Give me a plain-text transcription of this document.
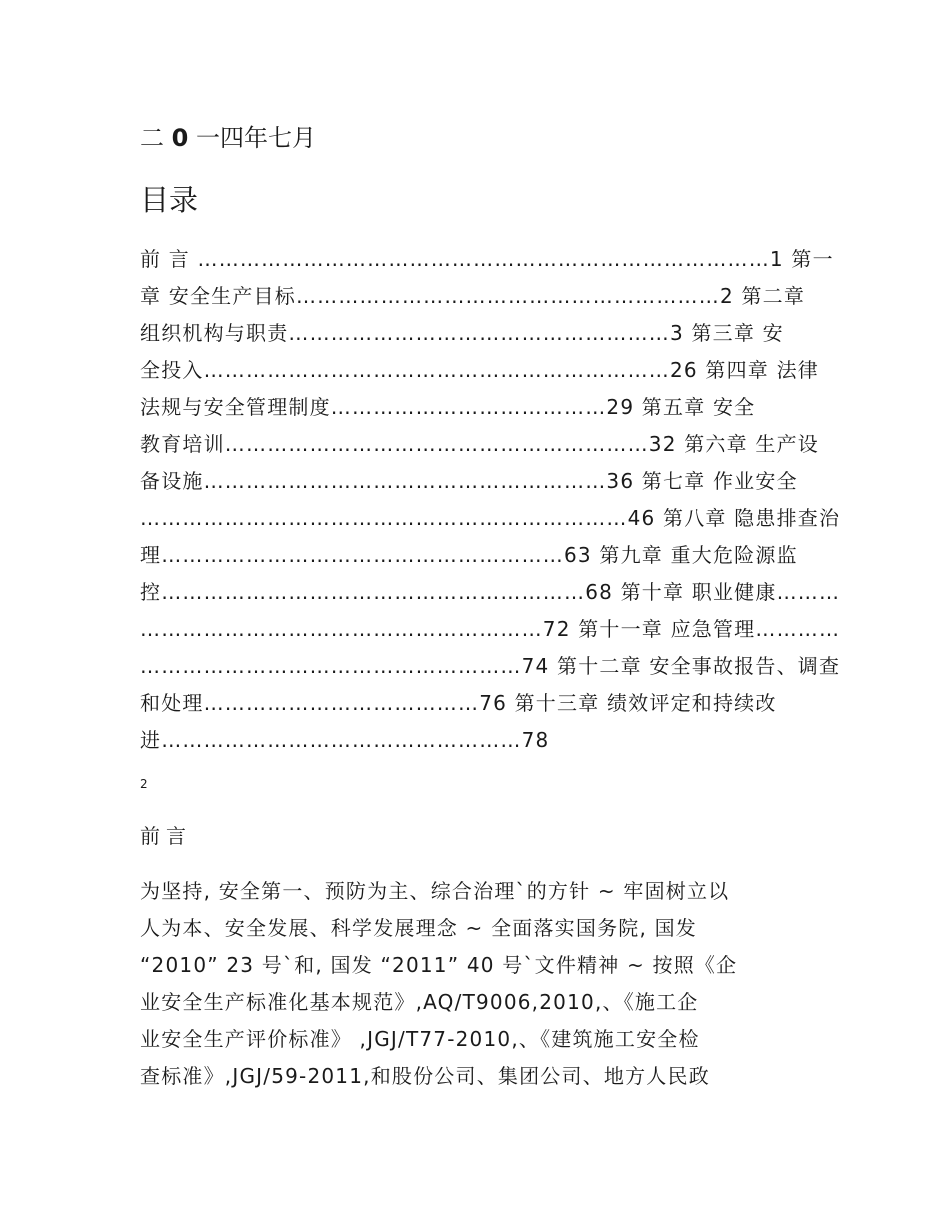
二 0 一四年七月
目录
前 言 ………………………………………………………………………1 第一
章 安全生产目标……………………………………………………2 第二章
组织机构与职责………………………………………………3 第三章 安
全投入…………………………………………………………26 第四章 法律
法规与安全管理制度…………………………………29 第五章 安全
教育培训……………………………………………………32 第六章 生产设
备设施…………………………………………………36 第七章 作业安全
……………………………………………………………46 第八章 隐患排查治
理…………………………………………………63 第九章 重大危险源监
控……………………………………………………68 第十章 职业健康………
…………………………………………………72 第十一章 应急管理…………
………………………………………………74 第十二章 安全事故报告、调查
和处理…………………………………76 第十三章 绩效评定和持续改
进……………………………………………78
2
前言
为坚持, 安全第一、预防为主、综合治理`的方针 ~ 牢固树立以
人为本、安全发展、科学发展理念 ~ 全面落实国务院, 国发
“2010” 23 号`和, 国发 “2011” 40 号`文件精神 ~ 按照《企
业安全生产标准化基本规范》,AQ/T9006,2010,、《施工企
业安全生产评价标准》 ,JGJ/T77-2010,、《建筑施工安全检
查标准》,JGJ/59-2011,和股份公司、集团公司、地方人民政
